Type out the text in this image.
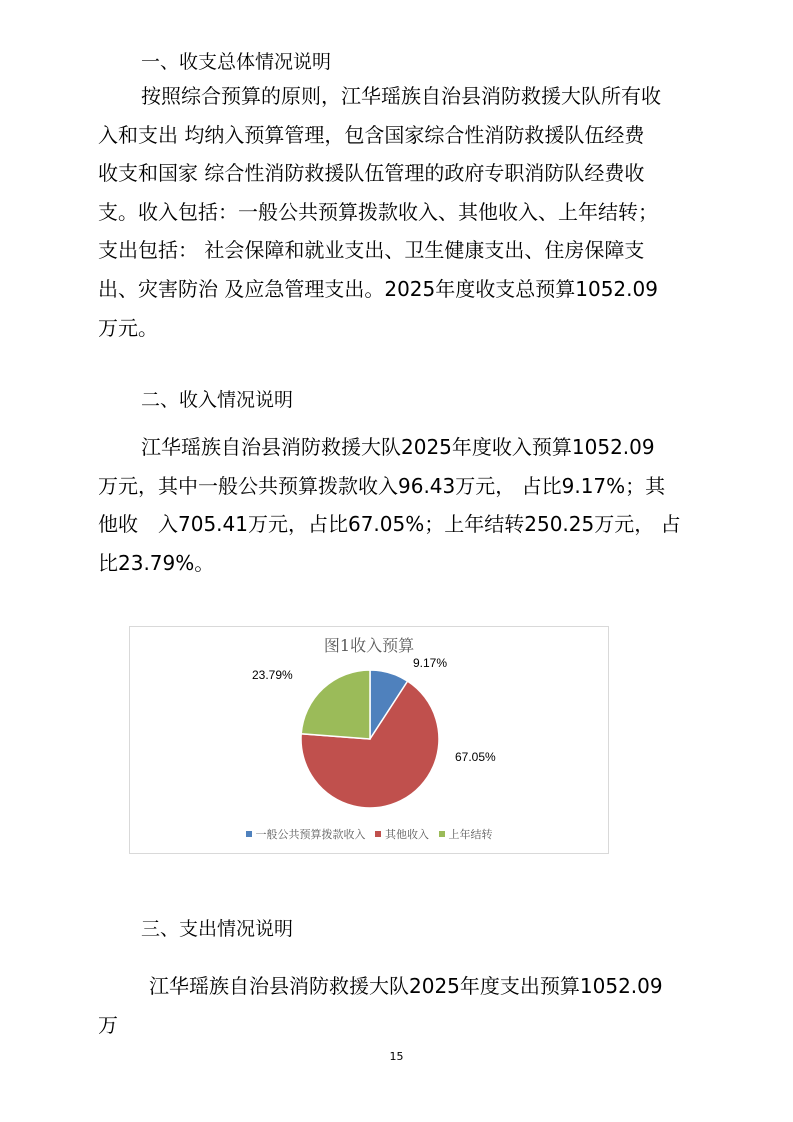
一、收支总体情况说明
按照综合预算的原则，江华瑶族自治县消防救援大队所有收
入和支出 均纳入预算管理，包含国家综合性消防救援队伍经费
收支和国家 综合性消防救援队伍管理的政府专职消防队经费收
支。收入包括：一般公共预算拨款收入、其他收入、上年结转；
支出包括： 社会保障和就业支出、卫生健康支出、住房保障支
出、灾害防治 及应急管理支出。2025年度收支总预算1052.09
万元。
二、收入情况说明
江华瑶族自治县消防救援大队2025年度收入预算1052.09
万元，其中一般公共预算拨款收入96.43万元， 占比9.17%；其
他收　入705.41万元，占比67.05%；上年结转250.25万元， 占
比23.79%。
图1收入预算
9.17%
67.05%
23.79%
一般公共预算拨款收入 其他收入 上年结转
三、支出情况说明
江华瑶族自治县消防救援大队2025年度支出预算1052.09
万
15
